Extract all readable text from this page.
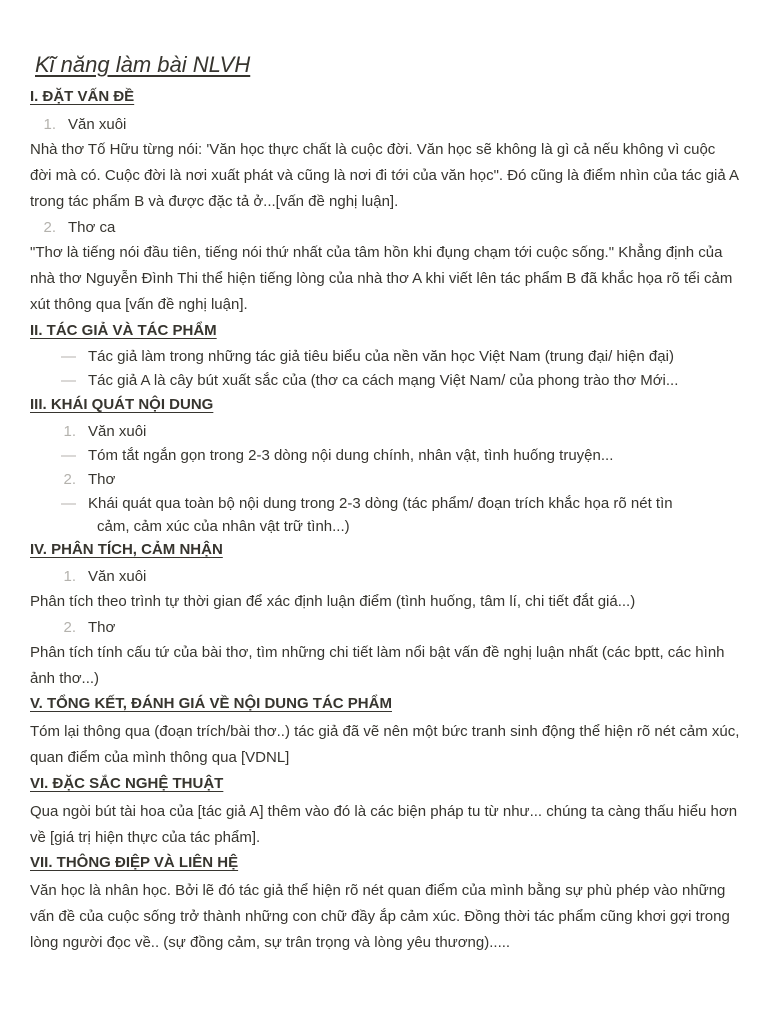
Kĩ năng làm bài NLVH
I. ĐẶT VẤN ĐỀ
1. Văn xuôi

Nhà thơ Tố Hữu từng nói: 'Văn học thực chất là cuộc đời. Văn học sẽ không là gì cả nếu không vì cuộc đời mà có. Cuộc đời là nơi xuất phát và cũng là nơi đi tới của văn học". Đó cũng là điểm nhìn của tác giả A trong tác phẩm B và được đặc tả ở...[vấn đề nghị luận].

2. Thơ ca

"Thơ là tiếng nói đầu tiên, tiếng nói thứ nhất của tâm hồn khi đụng chạm tới cuộc sống." Khẳng định của nhà thơ Nguyễn Đình Thi thể hiện tiếng lòng của nhà thơ A khi viết lên tác phẩm B đã khắc họa rõ tểi cảm xút thông qua [vấn đề nghị luận].

II. TÁC GIẢ VÀ TÁC PHẨM
— Tác giả làm trong những tác giả tiêu biểu của nền văn học Việt Nam (trung đại/ hiện đại)
— Tác giả A là cây bút xuất sắc của (thơ ca cách mạng Việt Nam/ của phong trào thơ Mới...
III. KHÁI QUÁT NỘI DUNG
1. Văn xuôi
— Tóm tắt ngắn gọn trong 2-3 dòng nội dung chính, nhân vật, tình huống truyện...
2. Thơ
— Khái quát qua toàn bộ nội dung trong 2-3 dòng (tác phẩm/ đoạn trích khắc họa rõ nét tìn
cảm, cảm xúc của nhân vật trữ tình...)
IV. PHÂN TÍCH, CẢM NHẬN
1. Văn xuôi

Phân tích theo trình tự thời gian để xác định luận điểm (tình huống, tâm lí, chi tiết đắt giá...)

2. Thơ

Phân tích tính cấu tứ của bài thơ, tìm những chi tiết làm nổi bật vấn đề nghị luận nhất (các bptt, các hình ảnh thơ...)

V. TỔNG KẾT, ĐÁNH GIÁ VỀ NỘI DUNG TÁC PHẨM

Tóm lại thông qua (đoạn trích/bài thơ..) tác giả đã vẽ nên một bức tranh sinh động thể hiện rõ nét cảm xúc, quan điểm của mình thông qua [VDNL]

VI. ĐẶC SẮC NGHỆ THUẬT

Qua ngòi bút tài hoa của [tác giả A] thêm vào đó là các biện pháp tu từ như... chúng ta càng thấu hiểu hơn về [giá trị hiện thực của tác phẩm].

VII. THÔNG ĐIỆP VÀ LIÊN HỆ

Văn học là nhân học. Bởi lẽ đó tác giả thể hiện rõ nét quan điểm của mình bằng sự phù phép vào những vấn đề của cuộc sống trở thành những con chữ đầy ắp cảm xúc. Đồng thời tác phẩm cũng khơi gợi trong lòng người đọc về.. (sự đồng cảm, sự trân trọng và lòng yêu thương).....
